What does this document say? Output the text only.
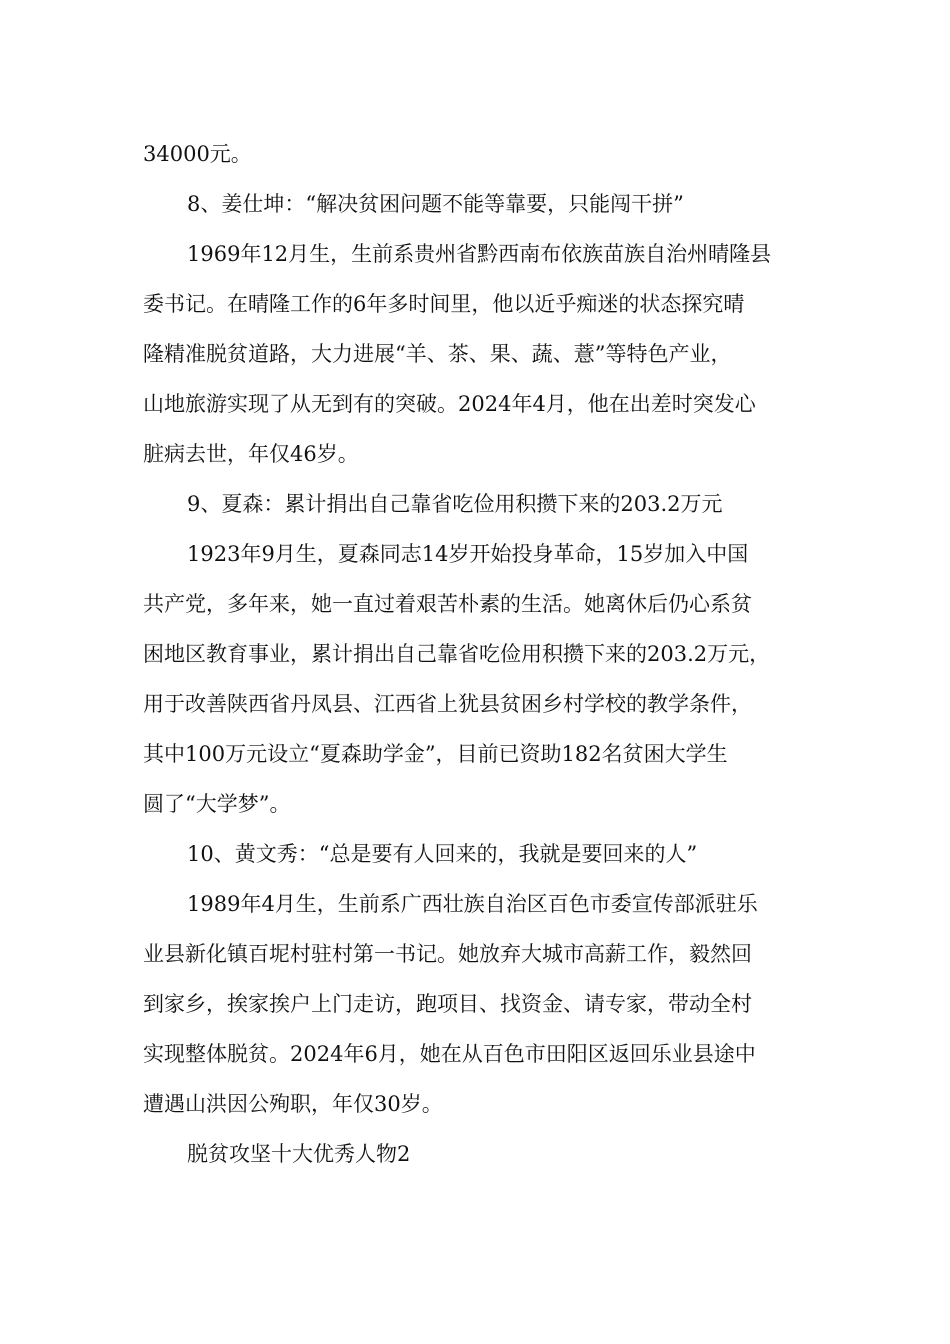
34000元。
8、姜仕坤：“解决贫困问题不能等靠要，只能闯干拼”
1969年12月生，生前系贵州省黔西南布依族苗族自治州晴隆县
委书记。在晴隆工作的6年多时间里，他以近乎痴迷的状态探究晴
隆精准脱贫道路，大力进展“羊、茶、果、蔬、薏”等特色产业，
山地旅游实现了从无到有的突破。2024年4月，他在出差时突发心
脏病去世，年仅46岁。
9、夏森：累计捐出自己靠省吃俭用积攒下来的203.2万元
1923年9月生，夏森同志14岁开始投身革命，15岁加入中国
共产党，多年来，她一直过着艰苦朴素的生活。她离休后仍心系贫
困地区教育事业，累计捐出自己靠省吃俭用积攒下来的203.2万元，
用于改善陕西省丹凤县、江西省上犹县贫困乡村学校的教学条件，
其中100万元设立“夏森助学金”，目前已资助182名贫困大学生
圆了“大学梦”。
10、黄文秀：“总是要有人回来的，我就是要回来的人”
1989年4月生，生前系广西壮族自治区百色市委宣传部派驻乐
业县新化镇百坭村驻村第一书记。她放弃大城市高薪工作，毅然回
到家乡，挨家挨户上门走访，跑项目、找资金、请专家，带动全村
实现整体脱贫。2024年6月，她在从百色市田阳区返回乐业县途中
遭遇山洪因公殉职，年仅30岁。
脱贫攻坚十大优秀人物2
